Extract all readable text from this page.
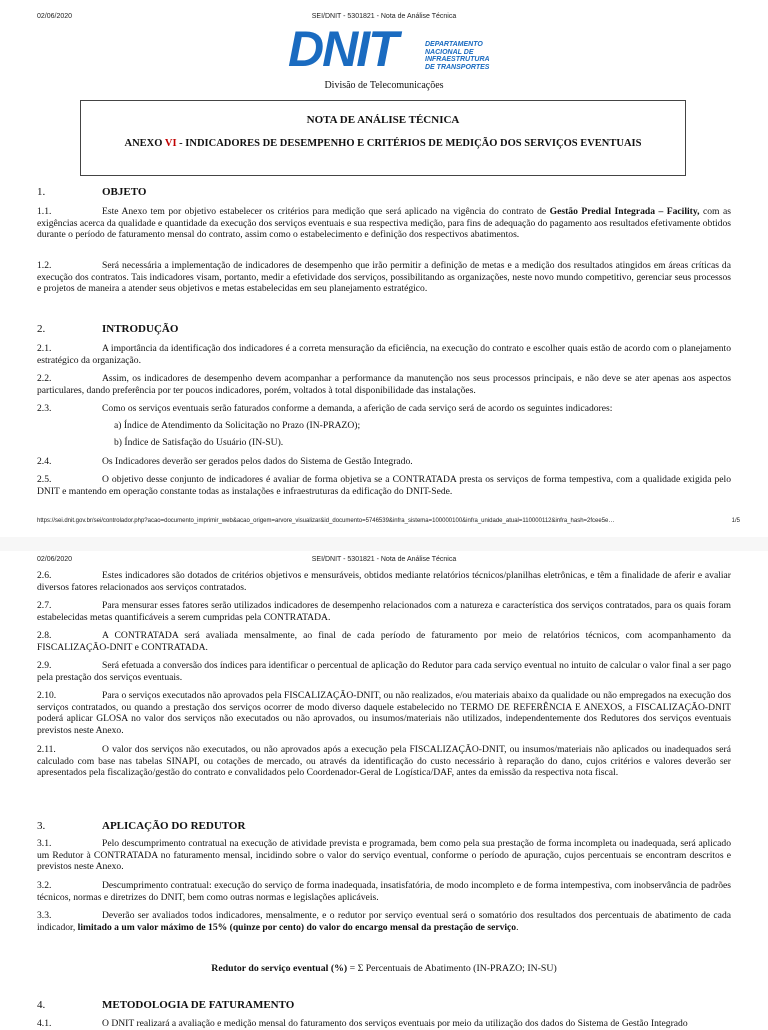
02/06/2020	SEI/DNIT - 5301821 - Nota de Análise Técnica
DNIT	DEPARTAMENTO
NACIONAL DE
INFRAESTRUTURA
DE TRANSPORTES
Divisão de Telecomunicações
NOTA DE ANÁLISE TÉCNICA
ANEXO VI - INDICADORES DE DESEMPENHO E CRITÉRIOS DE MEDIÇÃO DOS SERVIÇOS EVENTUAIS
1.	OBJETO
1.1.	Este Anexo tem por objetivo estabelecer os critérios para medição que será aplicado na vigência do contrato de Gestão Predial Integrada – Facility, com as exigências acerca da qualidade e quantidade da execução dos serviços eventuais e sua respectiva medição, para fins de adequação do pagamento aos resultados efetivamente obtidos durante o período de faturamento mensal do contrato, assim como o estabelecimento e definição dos respectivos abatimentos.
1.2.	Será necessária a implementação de indicadores de desempenho que irão permitir a definição de metas e a medição dos resultados atingidos em áreas críticas da execução dos contratos. Tais indicadores visam, portanto, medir a efetividade dos serviços, possibilitando as organizações, neste novo mundo competitivo, gerenciar seus processos e projetos de maneira a atender seus objetivos e metas estabelecidas em seu planejamento estratégico.
2.	INTRODUÇÃO
2.1.	A importância da identificação dos indicadores é a correta mensuração da eficiência, na execução do contrato e escolher quais estão de acordo com o planejamento estratégico da organização.
2.2.	Assim, os indicadores de desempenho devem acompanhar a performance da manutenção nos seus processos principais, e não deve se ater apenas aos aspectos particulares, dando preferência por ter poucos indicadores, porém, voltados à total disponibilidade das instalações.
2.3.	Como os serviços eventuais serão faturados conforme a demanda, a aferição de cada serviço será de acordo os seguintes indicadores:
a) Índice de Atendimento da Solicitação no Prazo (IN-PRAZO);
b) Índice de Satisfação do Usuário (IN-SU).
2.4.	Os Indicadores deverão ser gerados pelos dados do Sistema de Gestão Integrado.
2.5.	O objetivo desse conjunto de indicadores é avaliar de forma objetiva se a CONTRATADA presta os serviços de forma tempestiva, com a qualidade exigida pelo DNIT e mantendo em operação constante todas as instalações e infraestruturas da edificação do DNIT-Sede.
https://sei.dnit.gov.br/sei/controlador.php?acao=documento_imprimir_web&acao_origem=arvore_visualizar&id_documento=5746539&infra_sistema=100000100&infra_unidade_atual=110000112&infra_hash=2fcee5e…	1/5
02/06/2020	SEI/DNIT - 5301821 - Nota de Análise Técnica
2.6.	Estes indicadores são dotados de critérios objetivos e mensuráveis, obtidos mediante relatórios técnicos/planilhas eletrônicas, e têm a finalidade de aferir e avaliar diversos fatores relacionados aos serviços contratados.
2.7.	Para mensurar esses fatores serão utilizados indicadores de desempenho relacionados com a natureza e característica dos serviços contratados, para os quais foram estabelecidas metas quantificáveis a serem cumpridas pela CONTRATADA.
2.8.	A CONTRATADA será avaliada mensalmente, ao final de cada período de faturamento por meio de relatórios técnicos, com acompanhamento da FISCALIZAÇÃO-DNIT e CONTRATADA.
2.9.	Será efetuada a conversão dos índices para identificar o percentual de aplicação do Redutor para cada serviço eventual no intuito de calcular o valor final a ser pago pela prestação dos serviços eventuais.
2.10.	Para o serviços executados não aprovados pela FISCALIZAÇÃO-DNIT, ou não realizados, e/ou materiais abaixo da qualidade ou não empregados na execução dos serviços contratados, ou quando a prestação dos serviços ocorrer de modo diverso daquele estabelecido no TERMO DE REFERÊNCIA E ANEXOS, a FISCALIZAÇÃO-DNIT poderá aplicar GLOSA no valor dos serviços não executados ou não aprovados, ou insumos/materiais não utilizados, independentemente dos Redutores dos serviços eventuais previstos neste Anexo.
2.11.	O valor dos serviços não executados, ou não aprovados após a execução pela FISCALIZAÇÃO-DNIT, ou insumos/materiais não aplicados ou inadequados será calculado com base nas tabelas SINAPI, ou cotações de mercado, ou através da identificação do custo necessário à reparação do dano, cujos critérios e valores deverão ser apresentados pela fiscalização/gestão do contrato e convalidados pelo Coordenador-Geral de Logística/DAF, antes da emissão da respectiva nota fiscal.
3.	APLICAÇÃO DO REDUTOR
3.1.	Pelo descumprimento contratual na execução de atividade prevista e programada, bem como pela sua prestação de forma incompleta ou inadequada, será aplicado um Redutor à CONTRATADA no faturamento mensal, incidindo sobre o valor do serviço eventual, conforme o período de apuração, cujos percentuais se encontram descritos e previstos neste Anexo.
3.2.	Descumprimento contratual: execução do serviço de forma inadequada, insatisfatória, de modo incompleto e de forma intempestiva, com inobservância de padrões técnicos, normas e diretrizes do DNIT, bem como outras normas e legislações aplicáveis.
3.3.	Deverão ser avaliados todos indicadores, mensalmente, e o redutor por serviço eventual será o somatório dos resultados dos percentuais de abatimento de cada indicador, limitado a um valor máximo de 15% (quinze por cento) do valor do encargo mensal da prestação de serviço.
Redutor do serviço eventual (%) = Σ Percentuais de Abatimento (IN-PRAZO; IN-SU)
4.	METODOLOGIA DE FATURAMENTO
4.1.	O DNIT realizará a avaliação e medição mensal do faturamento dos serviços eventuais por meio da utilização dos dados do Sistema de Gestão Integrado
